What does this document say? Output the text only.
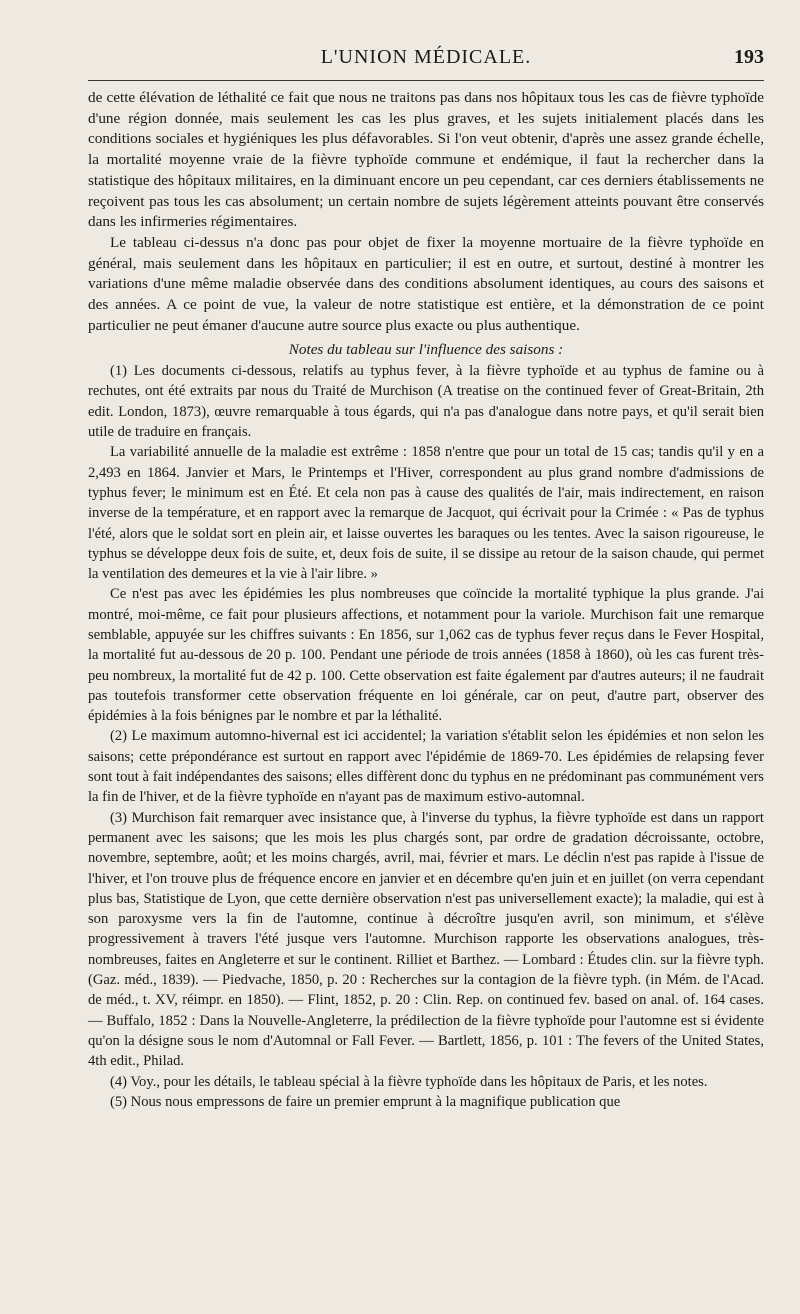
L'UNION MÉDICALE.	193

de cette élévation de léthalité ce fait que nous ne traitons pas dans nos hôpitaux tous les cas de fièvre typhoïde d'une région donnée, mais seulement les cas les plus graves, et les sujets initialement placés dans les conditions sociales et hygiéniques les plus défavorables. Si l'on veut obtenir, d'après une assez grande échelle, la mortalité moyenne vraie de la fièvre typhoïde commune et endémique, il faut la rechercher dans la statistique des hôpitaux militaires, en la diminuant encore un peu cependant, car ces derniers établissements ne reçoivent pas tous les cas absolument; un certain nombre de sujets légèrement atteints pouvant être conservés dans les infirmeries régimentaires.

Le tableau ci-dessus n'a donc pas pour objet de fixer la moyenne mortuaire de la fièvre typhoïde en général, mais seulement dans les hôpitaux en particulier; il est en outre, et surtout, destiné à montrer les variations d'une même maladie observée dans des conditions absolument identiques, au cours des saisons et des années. A ce point de vue, la valeur de notre statistique est entière, et la démonstration de ce point particulier ne peut émaner d'aucune autre source plus exacte ou plus authentique.

Notes du tableau sur l'influence des saisons :

(1) Les documents ci-dessous, relatifs au typhus fever, à la fièvre typhoïde et au typhus de famine ou à rechutes, ont été extraits par nous du Traité de Murchison (A treatise on the continued fever of Great-Britain, 2th edit. London, 1873), œuvre remarquable à tous égards, qui n'a pas d'analogue dans notre pays, et qu'il serait bien utile de traduire en français.

La variabilité annuelle de la maladie est extrême : 1858 n'entre que pour un total de 15 cas; tandis qu'il y en a 2,493 en 1864. Janvier et Mars, le Printemps et l'Hiver, correspondent au plus grand nombre d'admissions de typhus fever; le minimum est en Été. Et cela non pas à cause des qualités de l'air, mais indirectement, en raison inverse de la température, et en rapport avec la remarque de Jacquot, qui écrivait pour la Crimée : « Pas de typhus l'été, alors que le soldat sort en plein air, et laisse ouvertes les baraques ou les tentes. Avec la saison rigoureuse, le typhus se développe deux fois de suite, et, deux fois de suite, il se dissipe au retour de la saison chaude, qui permet la ventilation des demeures et la vie à l'air libre. »

Ce n'est pas avec les épidémies les plus nombreuses que coïncide la mortalité typhique la plus grande. J'ai montré, moi-même, ce fait pour plusieurs affections, et notamment pour la variole. Murchison fait une remarque semblable, appuyée sur les chiffres suivants : En 1856, sur 1,062 cas de typhus fever reçus dans le Fever Hospital, la mortalité fut au-dessous de 20 p. 100. Pendant une période de trois années (1858 à 1860), où les cas furent très-peu nombreux, la mortalité fut de 42 p. 100. Cette observation est faite également par d'autres auteurs; il ne faudrait pas toutefois transformer cette observation fréquente en loi générale, car on peut, d'autre part, observer des épidémies à la fois bénignes par le nombre et par la léthalité.

(2) Le maximum automno-hivernal est ici accidentel; la variation s'établit selon les épidémies et non selon les saisons; cette prépondérance est surtout en rapport avec l'épidémie de 1869-70. Les épidémies de relapsing fever sont tout à fait indépendantes des saisons; elles diffèrent donc du typhus en ne prédominant pas communément vers la fin de l'hiver, et de la fièvre typhoïde en n'ayant pas de maximum estivo-automnal.

(3) Murchison fait remarquer avec insistance que, à l'inverse du typhus, la fièvre typhoïde est dans un rapport permanent avec les saisons; que les mois les plus chargés sont, par ordre de gradation décroissante, octobre, novembre, septembre, août; et les moins chargés, avril, mai, février et mars. Le déclin n'est pas rapide à l'issue de l'hiver, et l'on trouve plus de fréquence encore en janvier et en décembre qu'en juin et en juillet (on verra cependant plus bas, Statistique de Lyon, que cette dernière observation n'est pas universellement exacte); la maladie, qui est à son paroxysme vers la fin de l'automne, continue à décroître jusqu'en avril, son minimum, et s'élève progressivement à travers l'été jusque vers l'automne. Murchison rapporte les observations analogues, très-nombreuses, faites en Angleterre et sur le continent. Rilliet et Barthez. — Lombard : Études clin. sur la fièvre typh. (Gaz. méd., 1839). — Piedvache, 1850, p. 20 : Recherches sur la contagion de la fièvre typh. (in Mém. de l'Acad. de méd., t. XV, réimpr. en 1850). — Flint, 1852, p. 20 : Clin. Rep. on continued fev. based on anal. of. 164 cases. — Buffalo, 1852 : Dans la Nouvelle-Angleterre, la prédilection de la fièvre typhoïde pour l'automne est si évidente qu'on la désigne sous le nom d'Automnal or Fall Fever. — Bartlett, 1856, p. 101 : The fevers of the United States, 4th edit., Philad.

(4) Voy., pour les détails, le tableau spécial à la fièvre typhoïde dans les hôpitaux de Paris, et les notes.

(5) Nous nous empressons de faire un premier emprunt à la magnifique publication que
